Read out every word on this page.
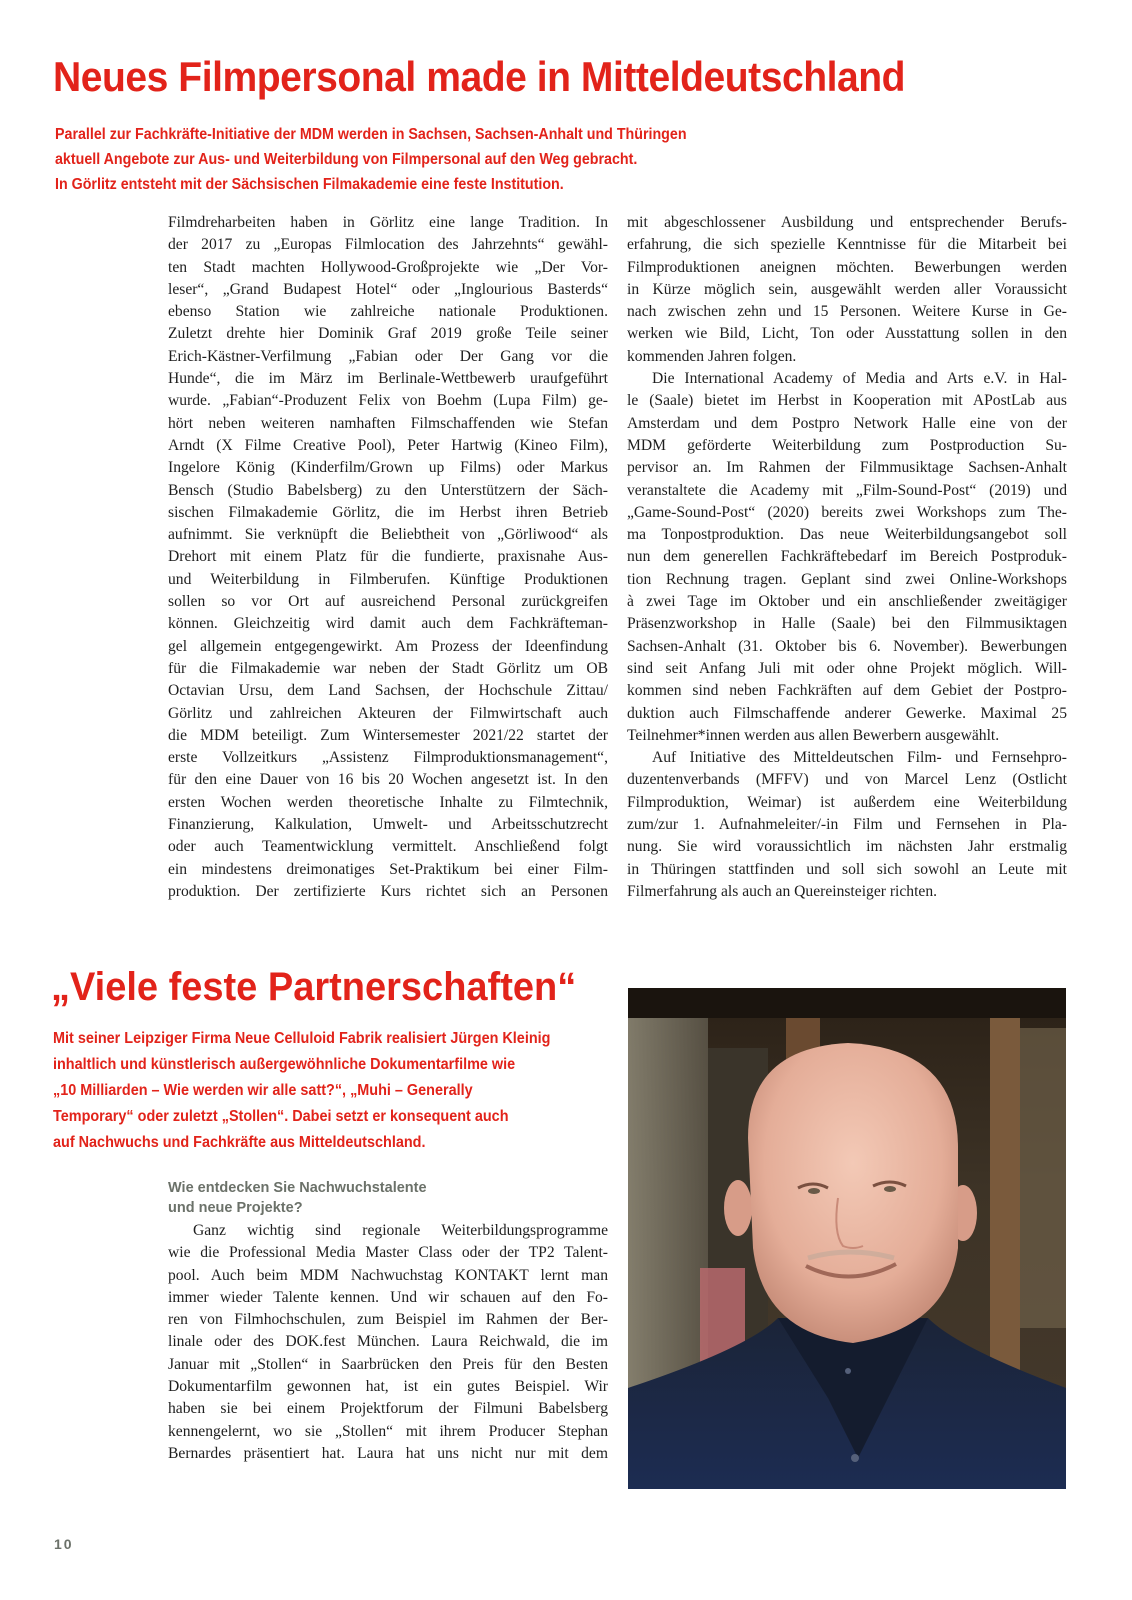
Neues Filmpersonal made in Mitteldeutschland
Parallel zur Fachkräfte-Initiative der MDM werden in Sachsen, Sachsen-Anhalt und Thüringen
aktuell Angebote zur Aus- und Weiterbildung von Filmpersonal auf den Weg gebracht.
In Görlitz entsteht mit der Sächsischen Filmakademie eine feste Institution.
Filmdreharbeiten haben in Görlitz eine lange Tradition. In
der 2017 zu „Europas Filmlocation des Jahrzehnts“ gewähl-
ten Stadt machten Hollywood-Großprojekte wie „Der Vor-
leser“, „Grand Budapest Hotel“ oder „Inglourious Basterds“
ebenso Station wie zahlreiche nationale Produktionen.
Zuletzt drehte hier Dominik Graf 2019 große Teile seiner
Erich-Kästner-Verfilmung „Fabian oder Der Gang vor die
Hunde“, die im März im Berlinale-Wettbewerb uraufgeführt
wurde. „Fabian“-Produzent Felix von Boehm (Lupa Film) ge-
hört neben weiteren namhaften Filmschaffenden wie Stefan
Arndt (X Filme Creative Pool), Peter Hartwig (Kineo Film),
Ingelore König (Kinderfilm/Grown up Films) oder Markus
Bensch (Studio Babelsberg) zu den Unterstützern der Säch-
sischen Filmakademie Görlitz, die im Herbst ihren Betrieb
aufnimmt. Sie verknüpft die Beliebtheit von „Görliwood“ als
Drehort mit einem Platz für die fundierte, praxisnahe Aus-
und Weiterbildung in Filmberufen. Künftige Produktionen
sollen so vor Ort auf ausreichend Personal zurückgreifen
können. Gleichzeitig wird damit auch dem Fachkräfteman-
gel allgemein entgegengewirkt. Am Prozess der Ideenfindung
für die Filmakademie war neben der Stadt Görlitz um OB
Octavian Ursu, dem Land Sachsen, der Hochschule Zittau/
Görlitz und zahlreichen Akteuren der Filmwirtschaft auch
die MDM beteiligt. Zum Wintersemester 2021/22 startet der
erste Vollzeitkurs „Assistenz Filmproduktionsmanagement“,
für den eine Dauer von 16 bis 20 Wochen angesetzt ist. In den
ersten Wochen werden theoretische Inhalte zu Filmtechnik,
Finanzierung, Kalkulation, Umwelt- und Arbeitsschutzrecht
oder auch Teamentwicklung vermittelt. Anschließend folgt
ein mindestens dreimonatiges Set-Praktikum bei einer Film-
produktion. Der zertifizierte Kurs richtet sich an Personen
mit abgeschlossener Ausbildung und entsprechender Berufs-
erfahrung, die sich spezielle Kenntnisse für die Mitarbeit bei
Filmproduktionen aneignen möchten. Bewerbungen werden
in Kürze möglich sein, ausgewählt werden aller Voraussicht
nach zwischen zehn und 15 Personen. Weitere Kurse in Ge-
werken wie Bild, Licht, Ton oder Ausstattung sollen in den
kommenden Jahren folgen.
Die International Academy of Media and Arts e.V. in Hal-
le (Saale) bietet im Herbst in Kooperation mit APostLab aus
Amsterdam und dem Postpro Network Halle eine von der
MDM geförderte Weiterbildung zum Postproduction Su-
pervisor an. Im Rahmen der Filmmusiktage Sachsen-Anhalt
veranstaltete die Academy mit „Film-Sound-Post“ (2019) und
„Game-Sound-Post“ (2020) bereits zwei Workshops zum The-
ma Tonpostproduktion. Das neue Weiterbildungsangebot soll
nun dem generellen Fachkräftebedarf im Bereich Postproduk-
tion Rechnung tragen. Geplant sind zwei Online-Workshops
à zwei Tage im Oktober und ein anschließender zweitägiger
Präsenzworkshop in Halle (Saale) bei den Filmmusiktagen
Sachsen-Anhalt (31. Oktober bis 6. November). Bewerbungen
sind seit Anfang Juli mit oder ohne Projekt möglich. Will-
kommen sind neben Fachkräften auf dem Gebiet der Postpro-
duktion auch Filmschaffende anderer Gewerke. Maximal 25
Teilnehmer*innen werden aus allen Bewerbern ausgewählt.
Auf Initiative des Mitteldeutschen Film- und Fernsehpro-
duzentenverbands (MFFV) und von Marcel Lenz (Ostlicht
Filmproduktion, Weimar) ist außerdem eine Weiterbildung
zum/zur 1. Aufnahmeleiter/-in Film und Fernsehen in Pla-
nung. Sie wird voraussichtlich im nächsten Jahr erstmalig
in Thüringen stattfinden und soll sich sowohl an Leute mit
Filmerfahrung als auch an Quereinsteiger richten.
„Viele feste Partnerschaften“
Mit seiner Leipziger Firma Neue Celluloid Fabrik realisiert Jürgen Kleinig
inhaltlich und künstlerisch außergewöhnliche Dokumentarfilme wie
„10 Milliarden – Wie werden wir alle satt?“, „Muhi – Generally
Temporary“ oder zuletzt „Stollen“. Dabei setzt er konsequent auch
auf Nachwuchs und Fachkräfte aus Mitteldeutschland.
Wie entdecken Sie Nachwuchstalente
und neue Projekte?
Ganz wichtig sind regionale Weiterbildungsprogramme
wie die Professional Media Master Class oder der TP2 Talent-
pool. Auch beim MDM Nachwuchstag KONTAKT lernt man
immer wieder Talente kennen. Und wir schauen auf den Fo-
ren von Filmhochschulen, zum Beispiel im Rahmen der Ber-
linale oder des DOK.fest München. Laura Reichwald, die im
Januar mit „Stollen“ in Saarbrücken den Preis für den Besten
Dokumentarfilm gewonnen hat, ist ein gutes Beispiel. Wir
haben sie bei einem Projektforum der Filmuni Babelsberg
kennengelernt, wo sie „Stollen“ mit ihrem Producer Stephan
Bernardes präsentiert hat. Laura hat uns nicht nur mit dem
10
